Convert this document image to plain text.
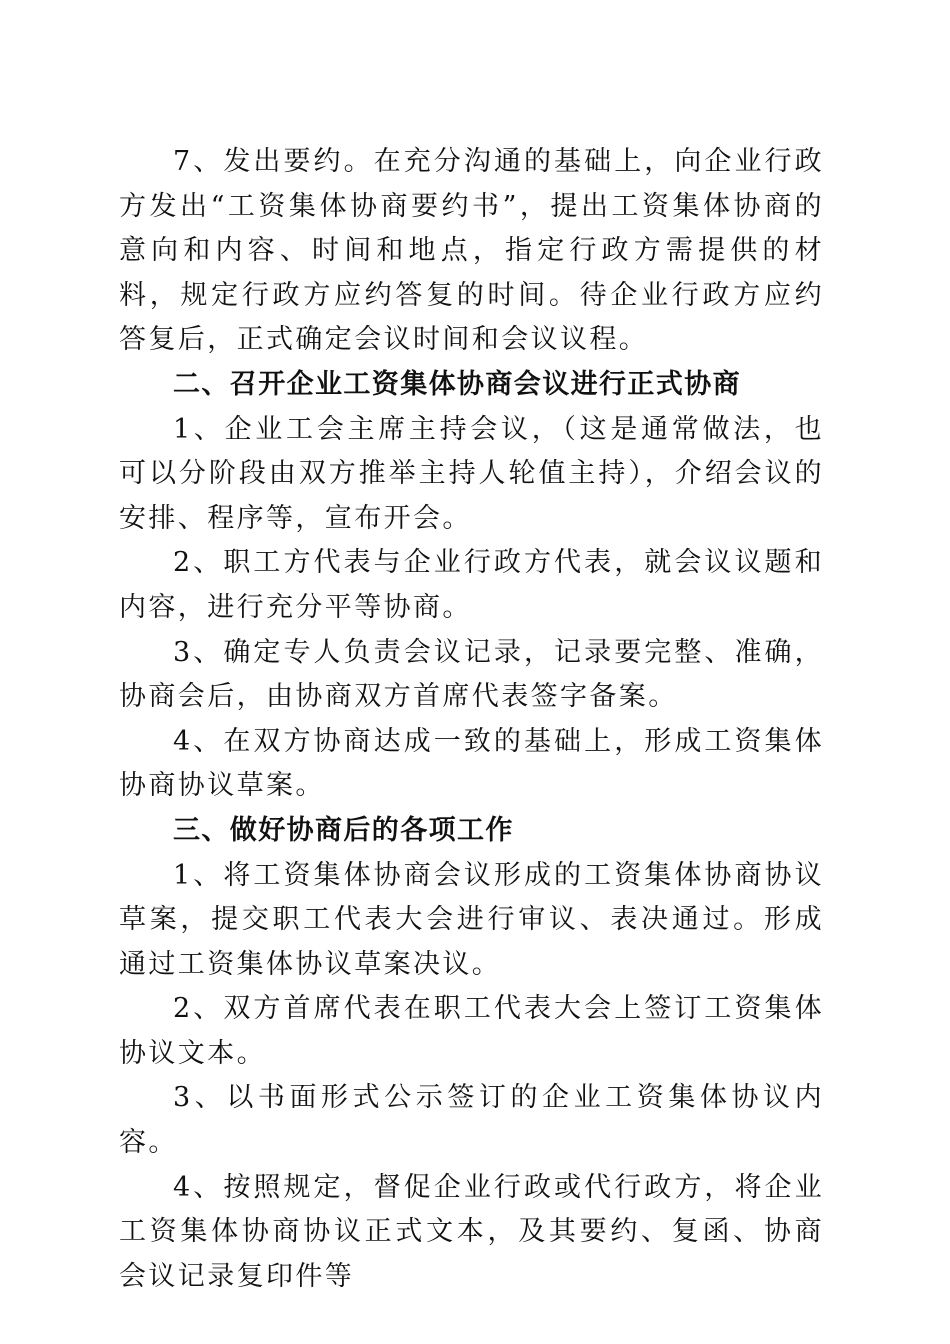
7、发出要约。在充分沟通的基础上，向企业行政方发出“工资集体协商要约书”，提出工资集体协商的意向和内容、时间和地点，指定行政方需提供的材料，规定行政方应约答复的时间。待企业行政方应约答复后，正式确定会议时间和会议议程。

二、召开企业工资集体协商会议进行正式协商

1、企业工会主席主持会议，（这是通常做法，也可以分阶段由双方推举主持人轮值主持），介绍会议的安排、程序等，宣布开会。

2、职工方代表与企业行政方代表，就会议议题和内容，进行充分平等协商。

3、确定专人负责会议记录，记录要完整、准确，协商会后，由协商双方首席代表签字备案。

4、在双方协商达成一致的基础上，形成工资集体协商协议草案。

三、做好协商后的各项工作

1、将工资集体协商会议形成的工资集体协商协议草案，提交职工代表大会进行审议、表决通过。形成通过工资集体协议草案决议。

2、双方首席代表在职工代表大会上签订工资集体协议文本。

3、以书面形式公示签订的企业工资集体协议内容。

4、按照规定，督促企业行政或代行政方，将企业工资集体协商协议正式文本，及其要约、复函、协商会议记录复印件等
